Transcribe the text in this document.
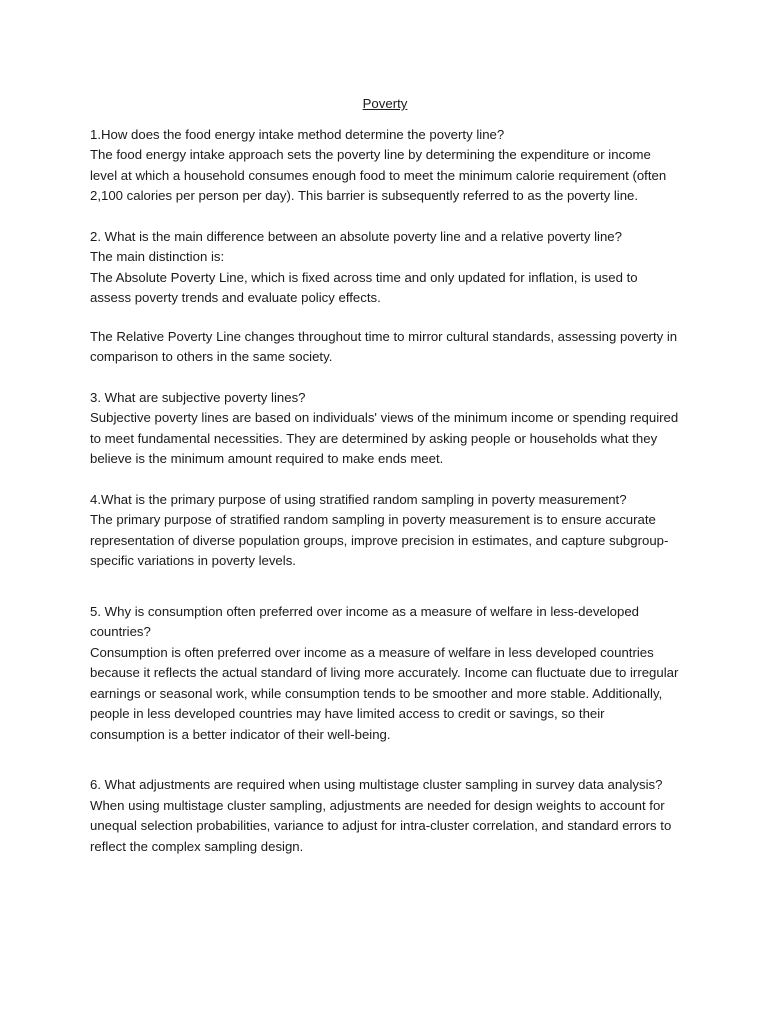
Poverty

1.How does the food energy intake method determine the poverty line?

The food energy intake approach sets the poverty line by determining the expenditure or income level at which a household consumes enough food to meet the minimum calorie requirement (often 2,100 calories per person per day). This barrier is subsequently referred to as the poverty line.

2. What is the main difference between an absolute poverty line and a relative poverty line?

The main distinction is:

The Absolute Poverty Line, which is fixed across time and only updated for inflation, is used to assess poverty trends and evaluate policy effects.

The Relative Poverty Line changes throughout time to mirror cultural standards, assessing poverty in comparison to others in the same society.

3. What are subjective poverty lines?

Subjective poverty lines are based on individuals' views of the minimum income or spending required to meet fundamental necessities. They are determined by asking people or households what they believe is the minimum amount required to make ends meet.

4.What is the primary purpose of using stratified random sampling in poverty measurement?

The primary purpose of stratified random sampling in poverty measurement is to ensure accurate representation of diverse population groups, improve precision in estimates, and capture subgroup-specific variations in poverty levels.

5. Why is consumption often preferred over income as a measure of welfare in less-developed countries?

Consumption is often preferred over income as a measure of welfare in less developed countries because it reflects the actual standard of living more accurately. Income can fluctuate due to irregular earnings or seasonal work, while consumption tends to be smoother and more stable. Additionally, people in less developed countries may have limited access to credit or savings, so their consumption is a better indicator of their well-being.

6. What adjustments are required when using multistage cluster sampling in survey data analysis?

When using multistage cluster sampling, adjustments are needed for design weights to account for unequal selection probabilities, variance to adjust for intra-cluster correlation, and standard errors to reflect the complex sampling design.
